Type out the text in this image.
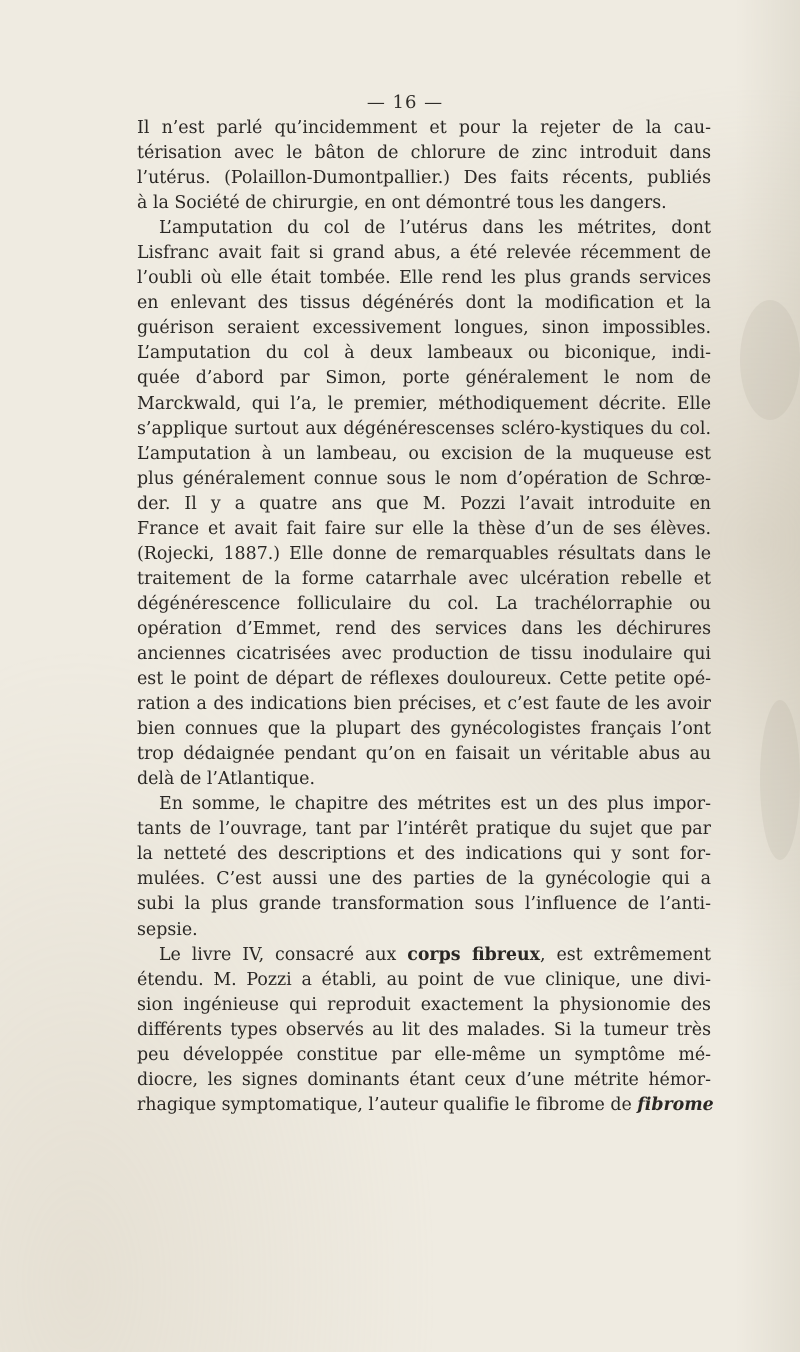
— 16 —
Il n’est parlé qu’incidemment et pour la rejeter de la cau-
térisation avec le bâton de chlorure de zinc introduit dans
l’utérus. (Polaillon-Dumontpallier.) Des faits récents, publiés
à la Société de chirurgie, en ont démontré tous les dangers.
L’amputation du col de l’utérus dans les métrites, dont
Lisfranc avait fait si grand abus, a été relevée récemment de
l’oubli où elle était tombée. Elle rend les plus grands services
en enlevant des tissus dégénérés dont la modification et la
guérison seraient excessivement longues, sinon impossibles.
L’amputation du col à deux lambeaux ou biconique, indi-
quée d’abord par Simon, porte généralement le nom de
Marckwald, qui l’a, le premier, méthodiquement décrite. Elle
s’applique surtout aux dégénérescenses scléro-kystiques du col.
L’amputation à un lambeau, ou excision de la muqueuse est
plus généralement connue sous le nom d’opération de Schrœ-
der. Il y a quatre ans que M. Pozzi l’avait introduite en
France et avait fait faire sur elle la thèse d’un de ses élèves.
(Rojecki, 1887.) Elle donne de remarquables résultats dans le
traitement de la forme catarrhale avec ulcération rebelle et
dégénérescence folliculaire du col. La trachélorraphie ou
opération d’Emmet, rend des services dans les déchirures
anciennes cicatrisées avec production de tissu inodulaire qui
est le point de départ de réflexes douloureux. Cette petite opé-
ration a des indications bien précises, et c’est faute de les avoir
bien connues que la plupart des gynécologistes français l’ont
trop dédaignée pendant qu’on en faisait un véritable abus au
delà de l’Atlantique.
En somme, le chapitre des métrites est un des plus impor-
tants de l’ouvrage, tant par l’intérêt pratique du sujet que par
la netteté des descriptions et des indications qui y sont for-
mulées. C’est aussi une des parties de la gynécologie qui a
subi la plus grande transformation sous l’influence de l’anti-
sepsie.
Le livre IV, consacré aux corps fibreux, est extrêmement
étendu. M. Pozzi a établi, au point de vue clinique, une divi-
sion ingénieuse qui reproduit exactement la physionomie des
différents types observés au lit des malades. Si la tumeur très
peu développée constitue par elle-même un symptôme mé-
diocre, les signes dominants étant ceux d’une métrite hémor-
rhagique symptomatique, l’auteur qualifie le fibrome de fibrome
